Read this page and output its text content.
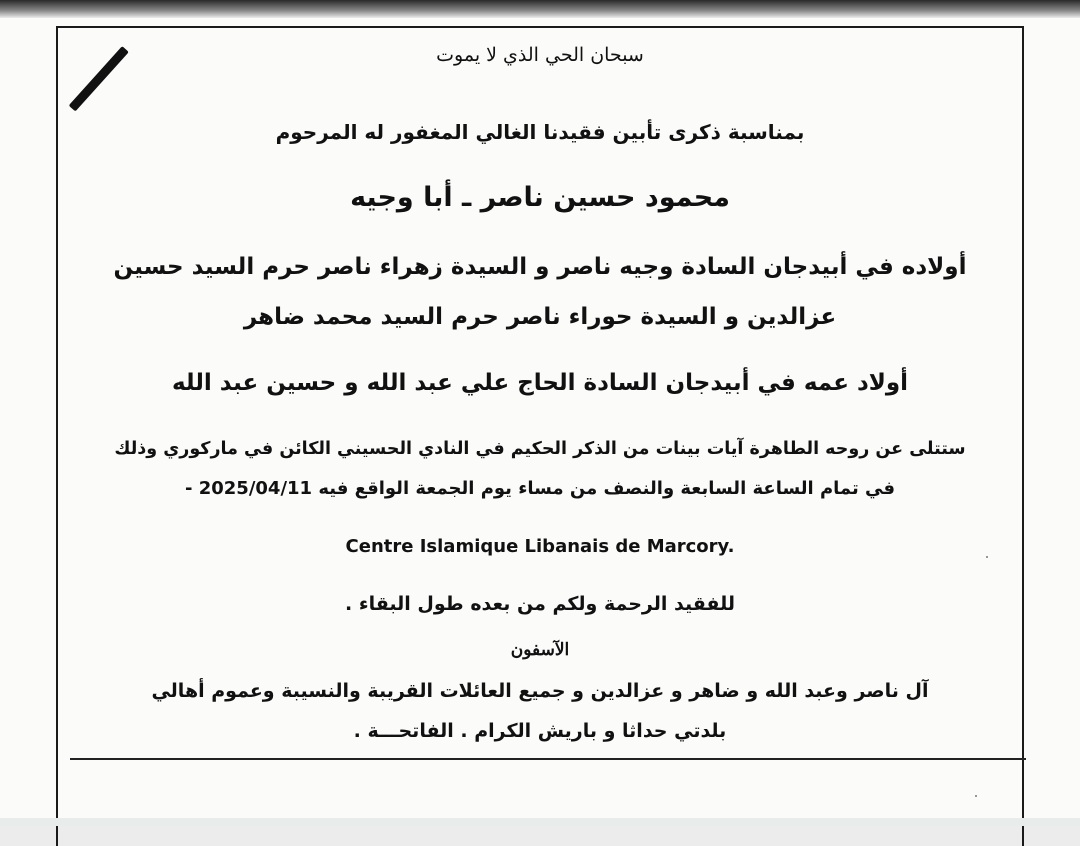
سبحان الحي الذي لا يموت
بمناسبة ذكرى تأبين فقيدنا الغالي المغفور له المرحوم
محمود حسين ناصر ـ أبا وجيه
أولاده في أبيدجان السادة وجيه ناصر و السيدة زهراء ناصر حرم السيد حسين
عزالدين و السيدة حوراء ناصر حرم السيد محمد ضاهر
أولاد عمه في أبيدجان السادة الحاج علي عبد الله و حسين عبد الله
ستتلى عن روحه الطاهرة آيات بينات من الذكر الحكيم في النادي الحسيني الكائن في ماركوري وذلك
في تمام الساعة السابعة والنصف من مساء يوم الجمعة الواقع فيه 2025/04/11 -
Centre Islamique Libanais de Marcory.
للفقيد الرحمة ولكم من بعده طول البقاء .
الآسفون
آل ناصر وعبد الله و ضاهر و عزالدين و جميع العائلات القريبة والنسيبة وعموم أهالي
بلدتي حداثا و باريش الكرام . الفاتحـــة .
